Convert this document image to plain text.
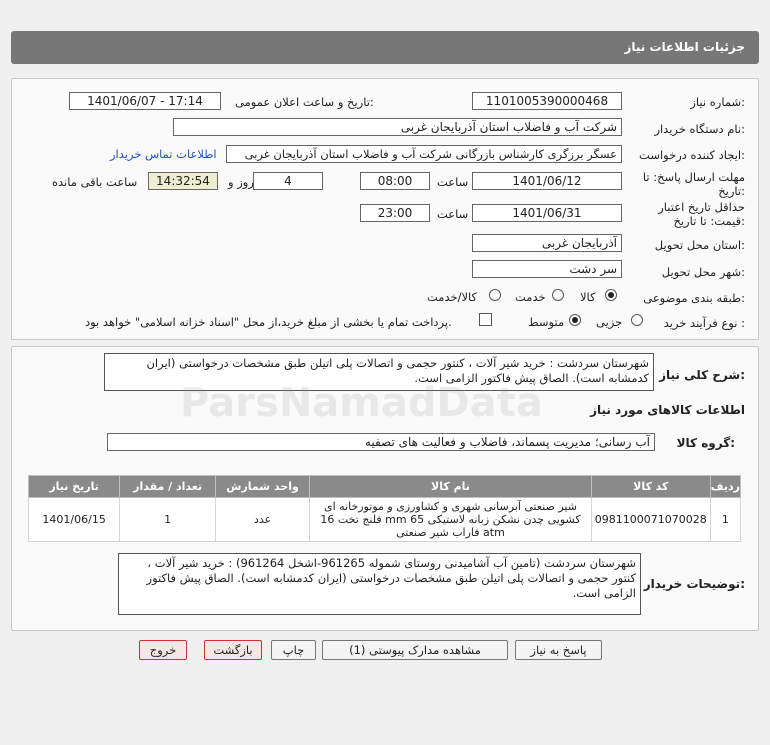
جزئیات اطلاعات نیاز
شماره نیاز:
1101005390000468
تاریخ و ساعت اعلان عمومی:
1401/06/07 - 17:14
نام دستگاه خریدار:
شرکت آب و فاضلاب استان آذربایجان غربی
ایجاد کننده درخواست:
عسگر برزگری کارشناس بازرگانی شرکت آب و فاضلاب استان آذربایجان غربی
اطلاعات تماس خریدار
مهلت ارسال پاسخ: تا
تاریخ:
1401/06/12
ساعت
08:00
4
روز و
14:32:54
ساعت باقی مانده
حداقل تاریخ اعتبار
قیمت: تا تاریخ:
1401/06/31
ساعت
23:00
استان محل تحویل:
آذربایجان غربی
شهر محل تحویل:
سر دشت
طبقه بندی موضوعی:
کالا
خدمت
کالا/خدمت
نوع فرآیند خرید :
جزیی
متوسط
پرداخت تمام یا بخشی از مبلغ خرید،از محل "اسناد خزانه اسلامی" خواهد بود.
شرح کلی نیاز:
شهرستان سردشت : خرید شیر آلات ، کنتور حجمی و اتصالات پلی اتیلن طبق مشخصات درخواستی (ایران کدمشابه است). الصاق پیش فاکتور الزامی است.
اطلاعات کالاهای مورد نیاز
گروه کالا:
آب رسانی؛ مدیریت پسماند، فاضلاب و فعالیت های تصفیه
ردیف	کد کالا	نام کالا	واحد شمارش	تعداد / مقدار	تاریخ نیاز
1	0981100071070028	شیر صنعتی آبرسانی شهری و کشاورزی و موتورخانه ای کشویی چدن نشکن زبانه لاستیکی 65 mm فلنج تخت 16 atm فاراب شیر صنعتی	عدد	1	1401/06/15
توضیحات خریدار:
شهرستان سردشت (تامین آب آشامیدنی روستای شموله 961265-اشخل 961264) : خرید شیر آلات ، کنتور حجمی و اتصالات پلی اتیلن طبق مشخصات درخواستی (ایران کدمشابه است). الصاق پیش فاکتور الزامی است.
پاسخ به نیاز
مشاهده مدارک پیوستی (1)
چاپ
بازگشت
خروج
